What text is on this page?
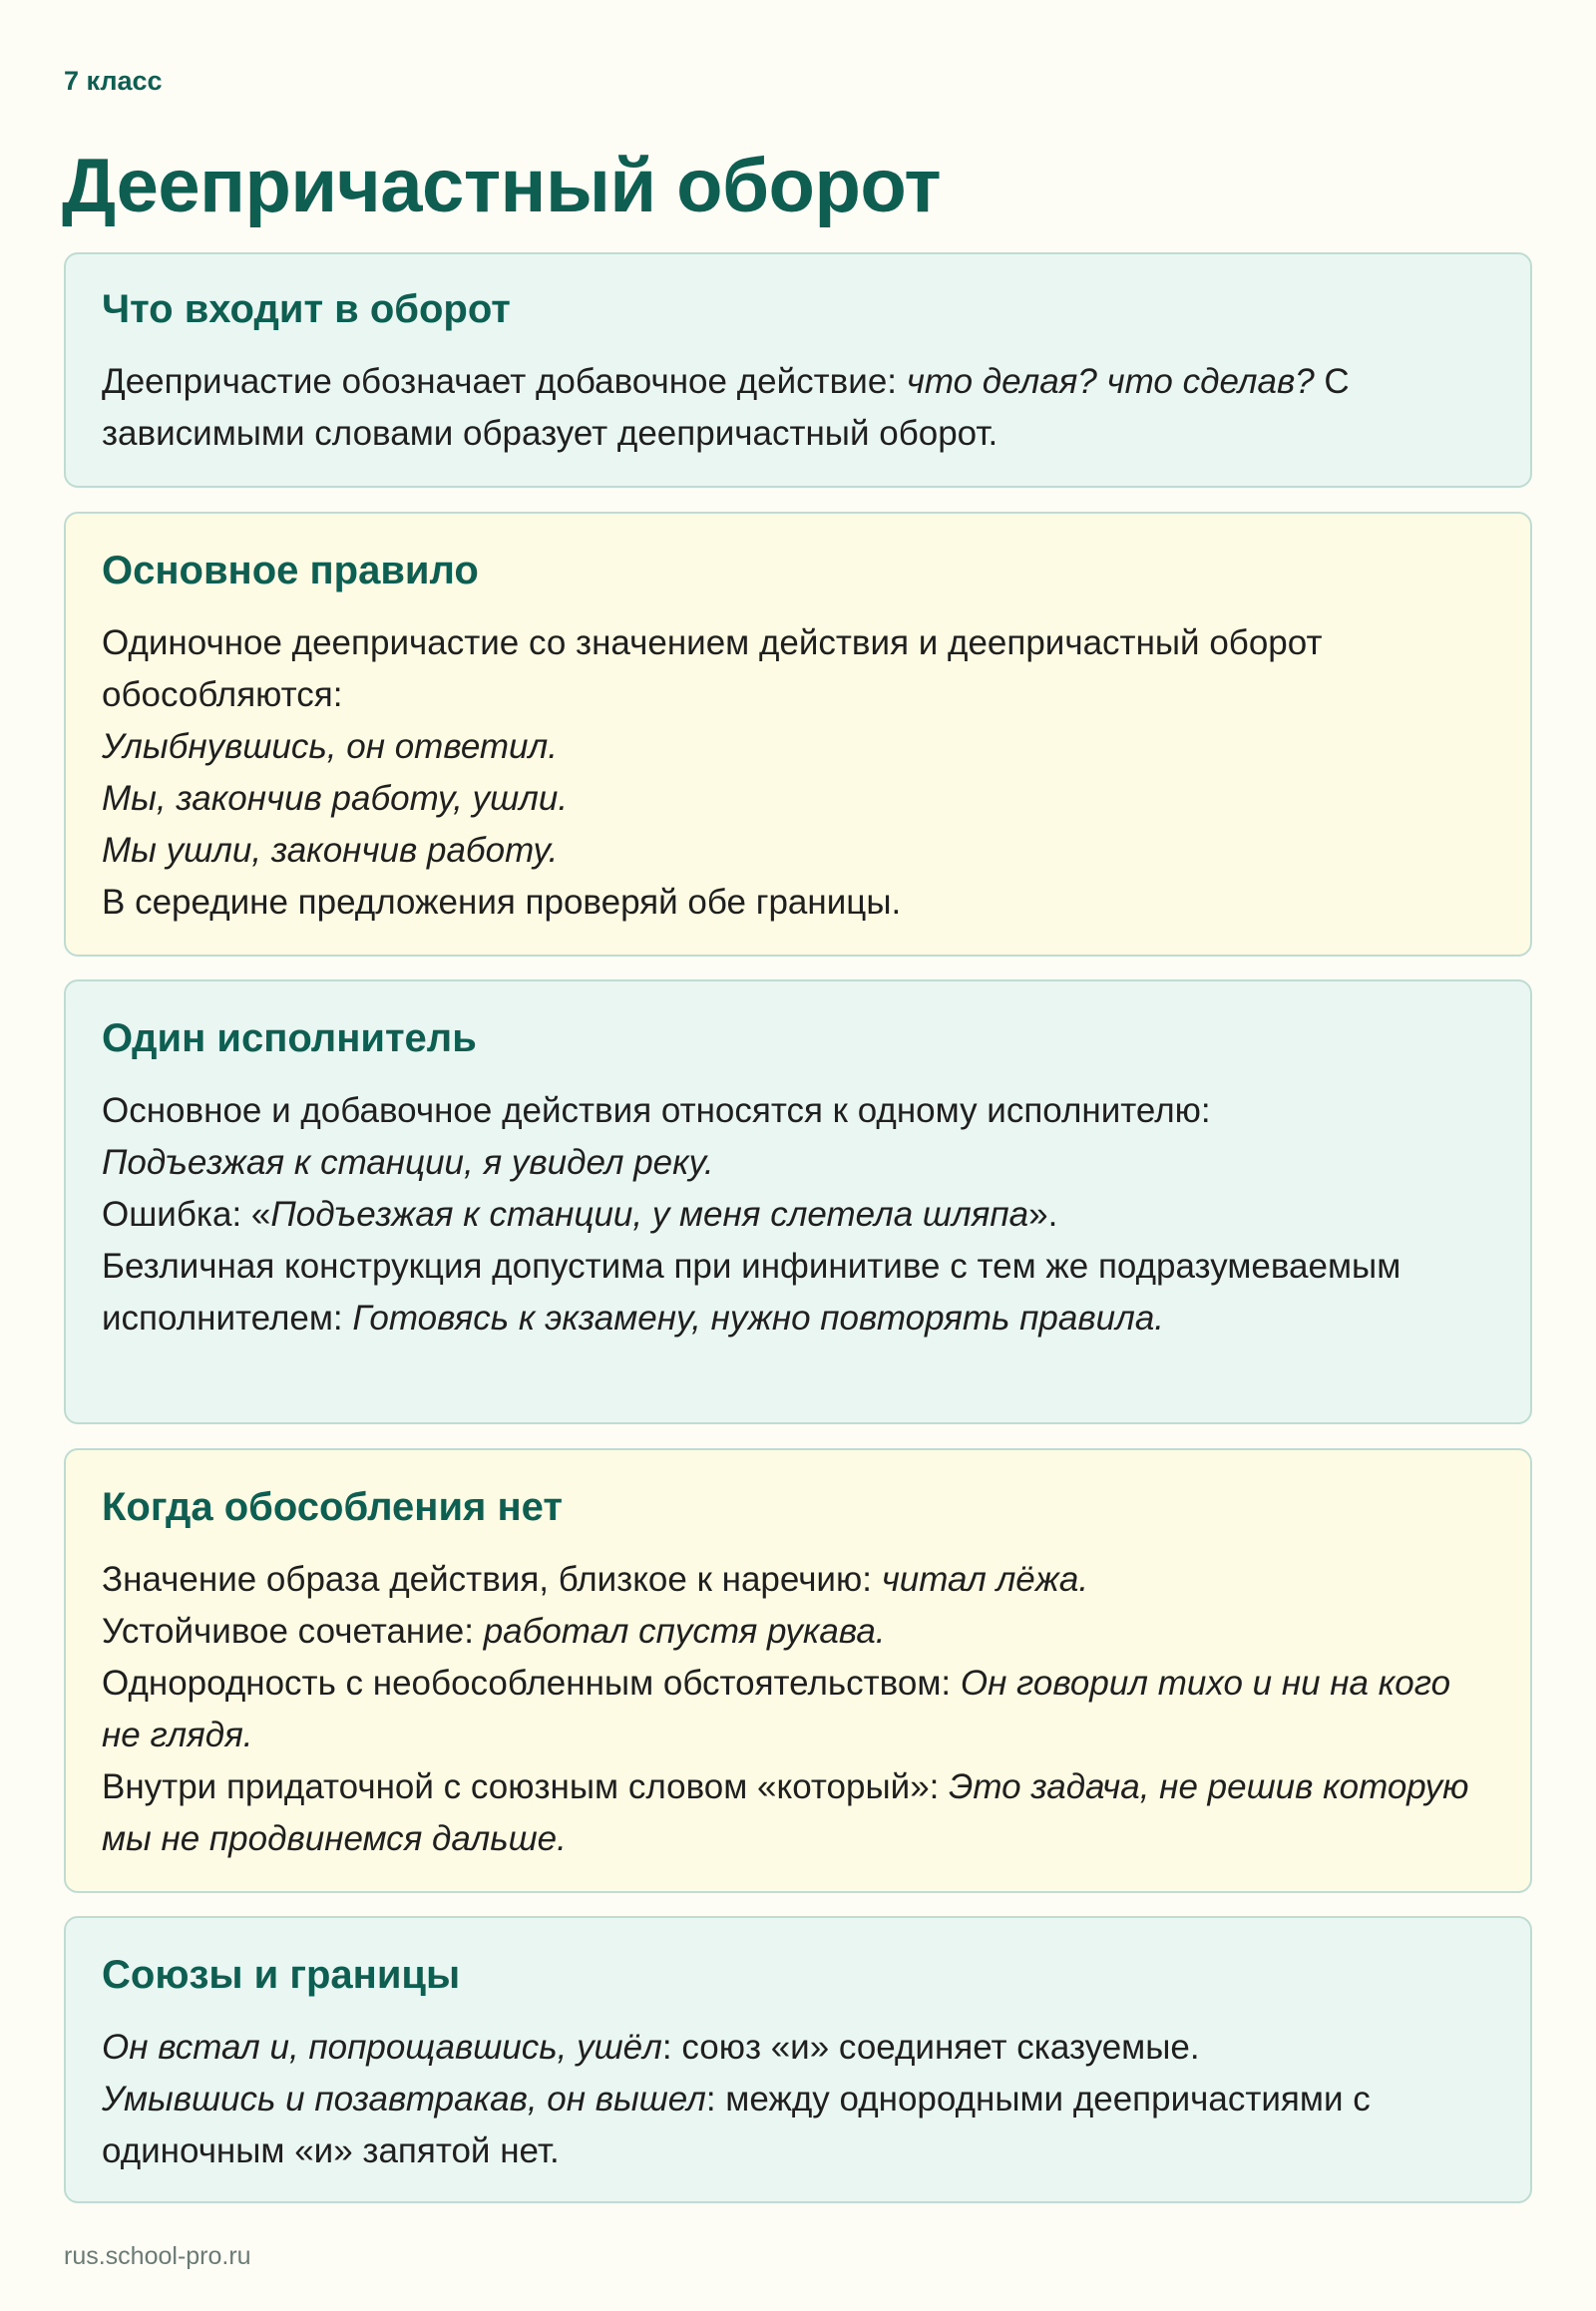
7 класс
Деепричастный оборот
Что входит в оборот
Деепричастие обозначает добавочное действие: что делая? что сделав? С зависимыми словами образует деепричастный оборот.
Основное правило
Одиночное деепричастие со значением действия и деепричастный оборот обособляются:
Улыбнувшись, он ответил.
Мы, закончив работу, ушли.
Мы ушли, закончив работу.
В середине предложения проверяй обе границы.
Один исполнитель
Основное и добавочное действия относятся к одному исполнителю:
Подъезжая к станции, я увидел реку.
Ошибка: «Подъезжая к станции, у меня слетела шляпа».
Безличная конструкция допустима при инфинитиве с тем же подразумеваемым исполнителем: Готовясь к экзамену, нужно повторять правила.
Когда обособления нет
Значение образа действия, близкое к наречию: читал лёжа.
Устойчивое сочетание: работал спустя рукава.
Однородность с необособленным обстоятельством: Он говорил тихо и ни на кого не глядя.
Внутри придаточной с союзным словом «который»: Это задача, не решив которую мы не продвинемся дальше.
Союзы и границы
Он встал и, попрощавшись, ушёл: союз «и» соединяет сказуемые.
Умывшись и позавтракав, он вышел: между однородными деепричастиями с одиночным «и» запятой нет.
rus.school-pro.ru
